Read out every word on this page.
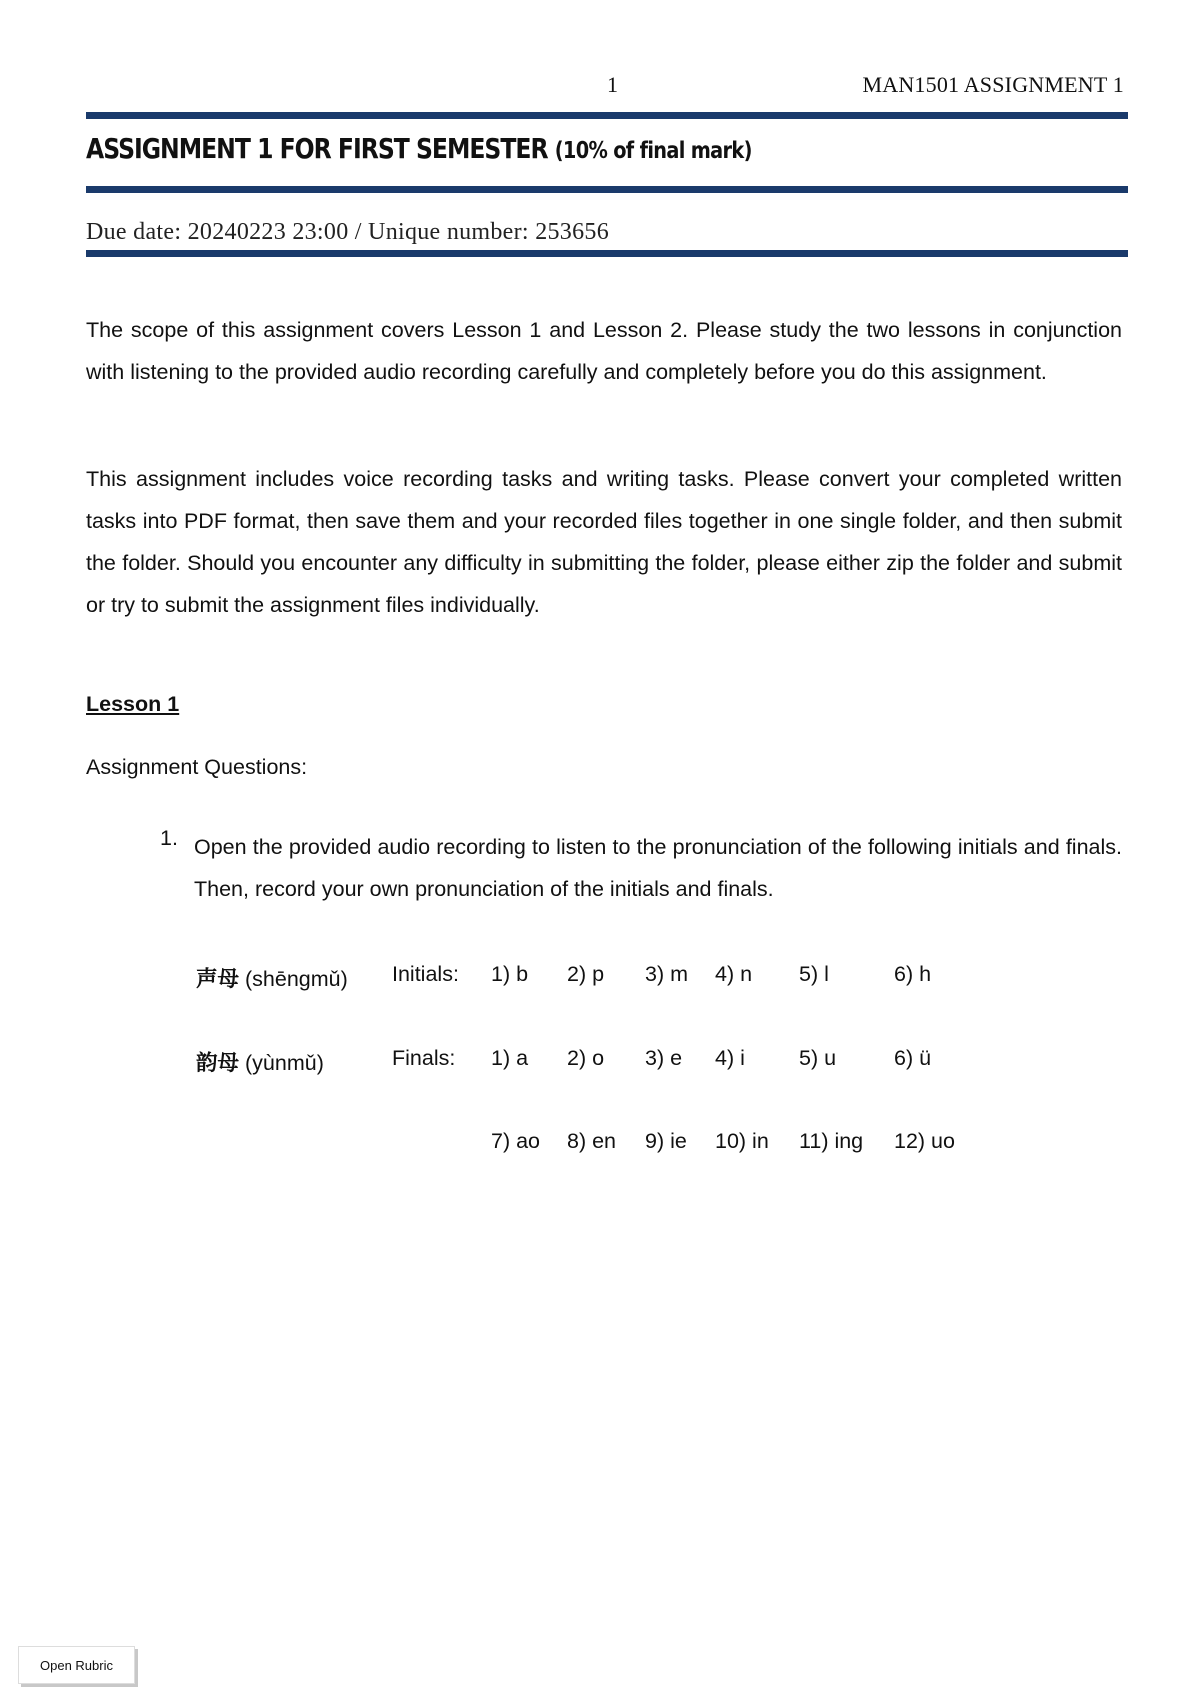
1	MAN1501 ASSIGNMENT 1
ASSIGNMENT 1 FOR FIRST SEMESTER (10% of final mark)
Due date: 20240223 23:00 / Unique number: 253656

The scope of this assignment covers Lesson 1 and Lesson 2. Please study the two lessons in conjunction with listening to the provided audio recording carefully and completely before you do this assignment.

This assignment includes voice recording tasks and writing tasks. Please convert your completed written tasks into PDF format, then save them and your recorded files together in one single folder, and then submit the folder. Should you encounter any difficulty in submitting the folder, please either zip the folder and submit or try to submit the assignment files individually.

Lesson 1
Assignment Questions:
1. Open the provided audio recording to listen to the pronunciation of the following initials and finals. Then, record your own pronunciation of the initials and finals.

声母 (shēngmǔ) Initials: 1) b 2) p 3) m 4) n 5) l	6) h
韵母 (yùnmǔ)	Finals: 1) a 2) o 3) e 4) i	5) u	6) ü
7) ao 8) en 9) ie 10) in 11) ing 12) uo
Open Rubric
